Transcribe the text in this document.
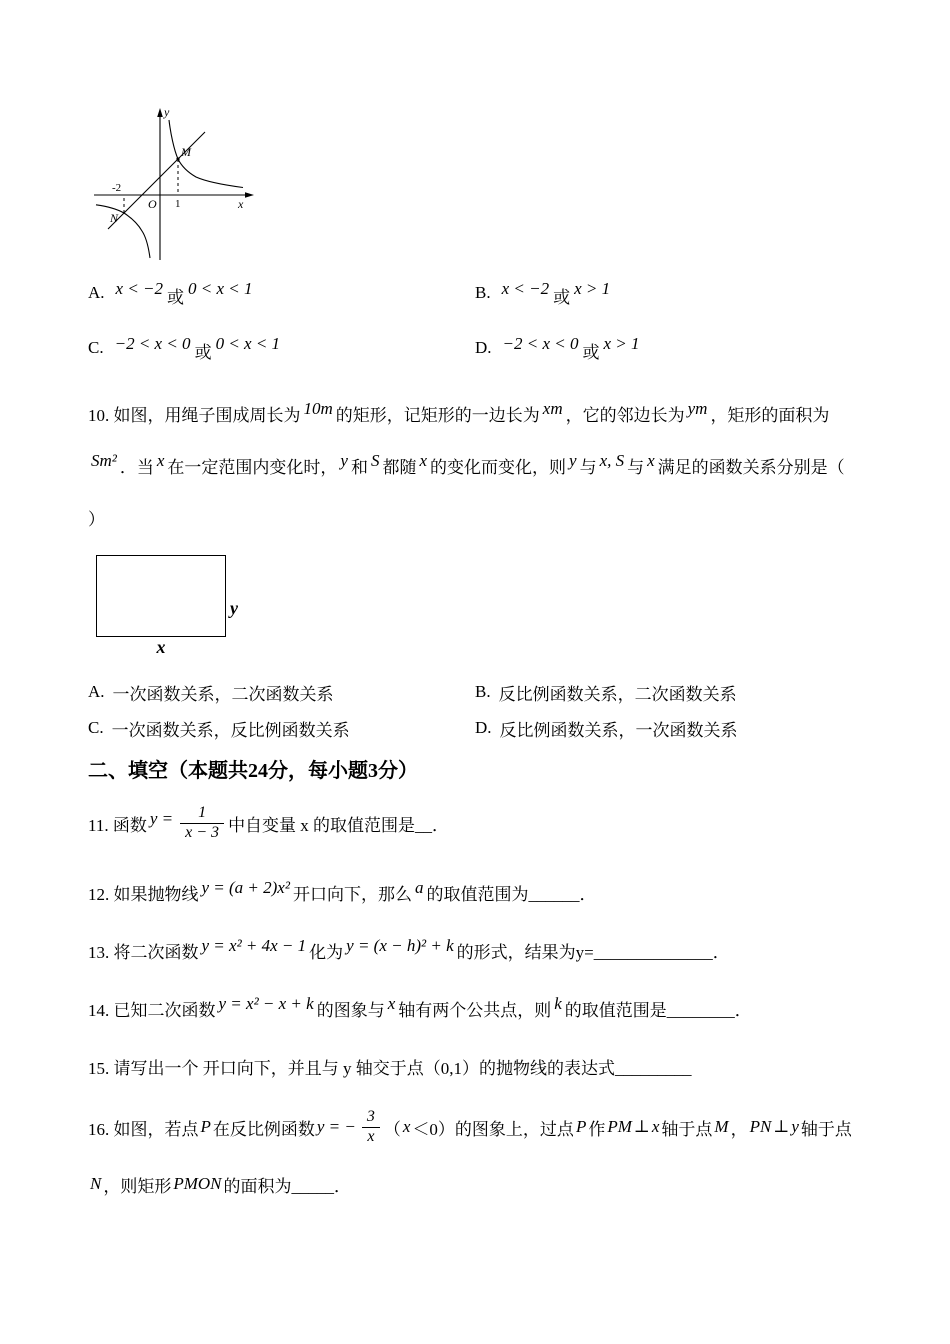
y
x
O
M
N
-2
1
A. x < −2 或 0 < x < 1	B. x < −2 或 x > 1
C. −2 < x < 0 或 0 < x < 1	D. −2 < x < 0 或 x > 1
10. 如图，用绳子围成周长为 10m 的矩形，记矩形的一边长为 xm ，它的邻边长为 ym ，矩形的面积为
Sm² ．当 x 在一定范围内变化时， y 和 S 都随 x 的变化而变化，则 y 与 x, S 与 x 满足的函数关系分别是（
）
y
x
A. 一次函数关系，二次函数关系	B. 反比例函数关系，二次函数关系
C. 一次函数关系，反比例函数关系	D. 反比例函数关系，一次函数关系
二、填空（本题共24分，每小题3分）
11. 函数 $y = \frac{1}{x - 3}$ 中自变量 x 的取值范围是__．
12. 如果抛物线 y = (a + 2)x² 开口向下，那么 a 的取值范围为______．
13. 将二次函数 y = x² + 4x − 1 化为 y = (x − h)² + k 的形式，结果为y=______________．
14. 已知二次函数 y = x² − x + k 的图象与 x 轴有两个公共点，则 k 的取值范围是________．
15. 请写出一个 开口向下，并且与 y 轴交于点（0,1）的抛物线的表达式_________
16. 如图，若点 P 在反比例函数 y = − $\frac{3}{x}$ （ x ＜0）的图象上，过点 P 作 PM ⊥ x 轴于点 M ， PN ⊥ y 轴于点
N ，则矩形 PMON 的面积为_____．
